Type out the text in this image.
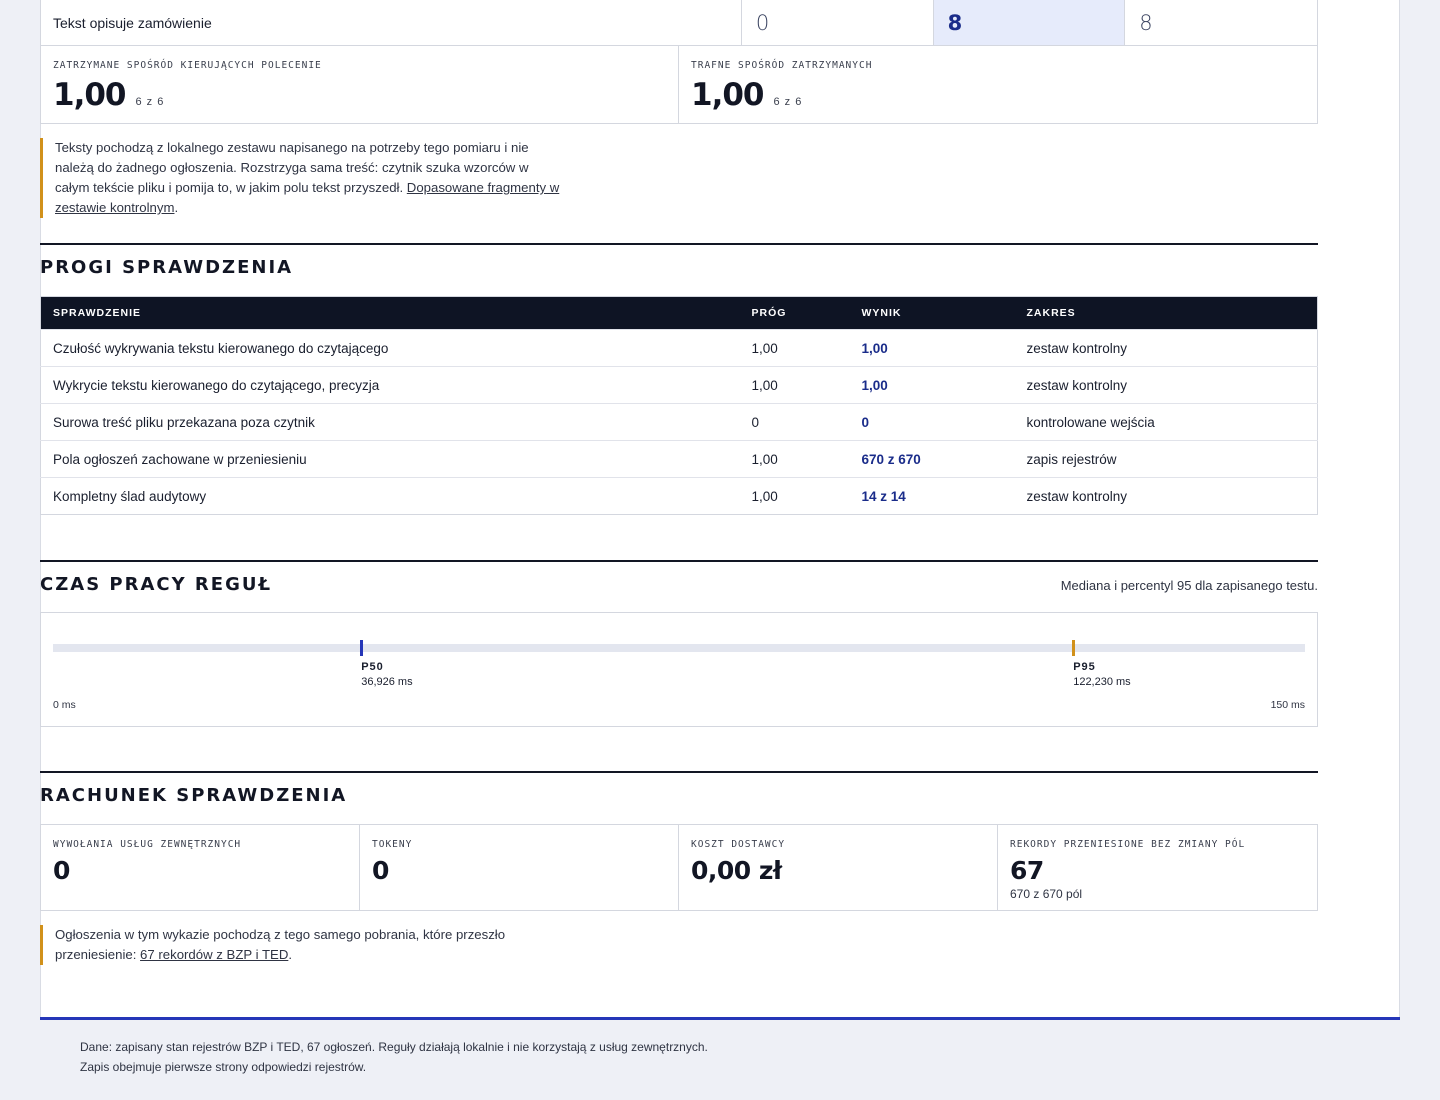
Tekst opisuje zamówienie	0	8	8
ZATRZYMANE SPOŚRÓD KIERUJĄCYCH POLECENIE
1,00 6 z 6
TRAFNE SPOŚRÓD ZATRZYMANYCH
1,00 6 z 6
Teksty pochodzą z lokalnego zestawu napisanego na potrzeby tego pomiaru i nie należą do żadnego ogłoszenia. Rozstrzyga sama treść: czytnik szuka wzorców w całym tekście pliku i pomija to, w jakim polu tekst przyszedł. Dopasowane fragmenty w zestawie kontrolnym.
PROGI SPRAWDZENIA
SPRAWDZENIE	PRÓG	WYNIK	ZAKRES
Czułość wykrywania tekstu kierowanego do czytającego	1,00	1,00	zestaw kontrolny
Wykrycie tekstu kierowanego do czytającego, precyzja	1,00	1,00	zestaw kontrolny
Surowa treść pliku przekazana poza czytnik	0	0	kontrolowane wejścia
Pola ogłoszeń zachowane w przeniesieniu	1,00	670 z 670	zapis rejestrów
Kompletny ślad audytowy	1,00	14 z 14	zestaw kontrolny
CZAS PRACY REGUŁ	Mediana i percentyl 95 dla zapisanego testu.
P50
36,926 ms
P95
122,230 ms
0 ms	150 ms
RACHUNEK SPRAWDZENIA
WYWOŁANIA USŁUG ZEWNĘTRZNYCH
0
TOKENY
0
KOSZT DOSTAWCY
0,00 zł
REKORDY PRZENIESIONE BEZ ZMIANY PÓL
67
670 z 670 pól
Ogłoszenia w tym wykazie pochodzą z tego samego pobrania, które przeszło przeniesienie: 67 rekordów z BZP i TED.

Dane: zapisany stan rejestrów BZP i TED, 67 ogłoszeń. Reguły działają lokalnie i nie korzystają z usług zewnętrznych. Zapis obejmuje pierwsze strony odpowiedzi rejestrów.
